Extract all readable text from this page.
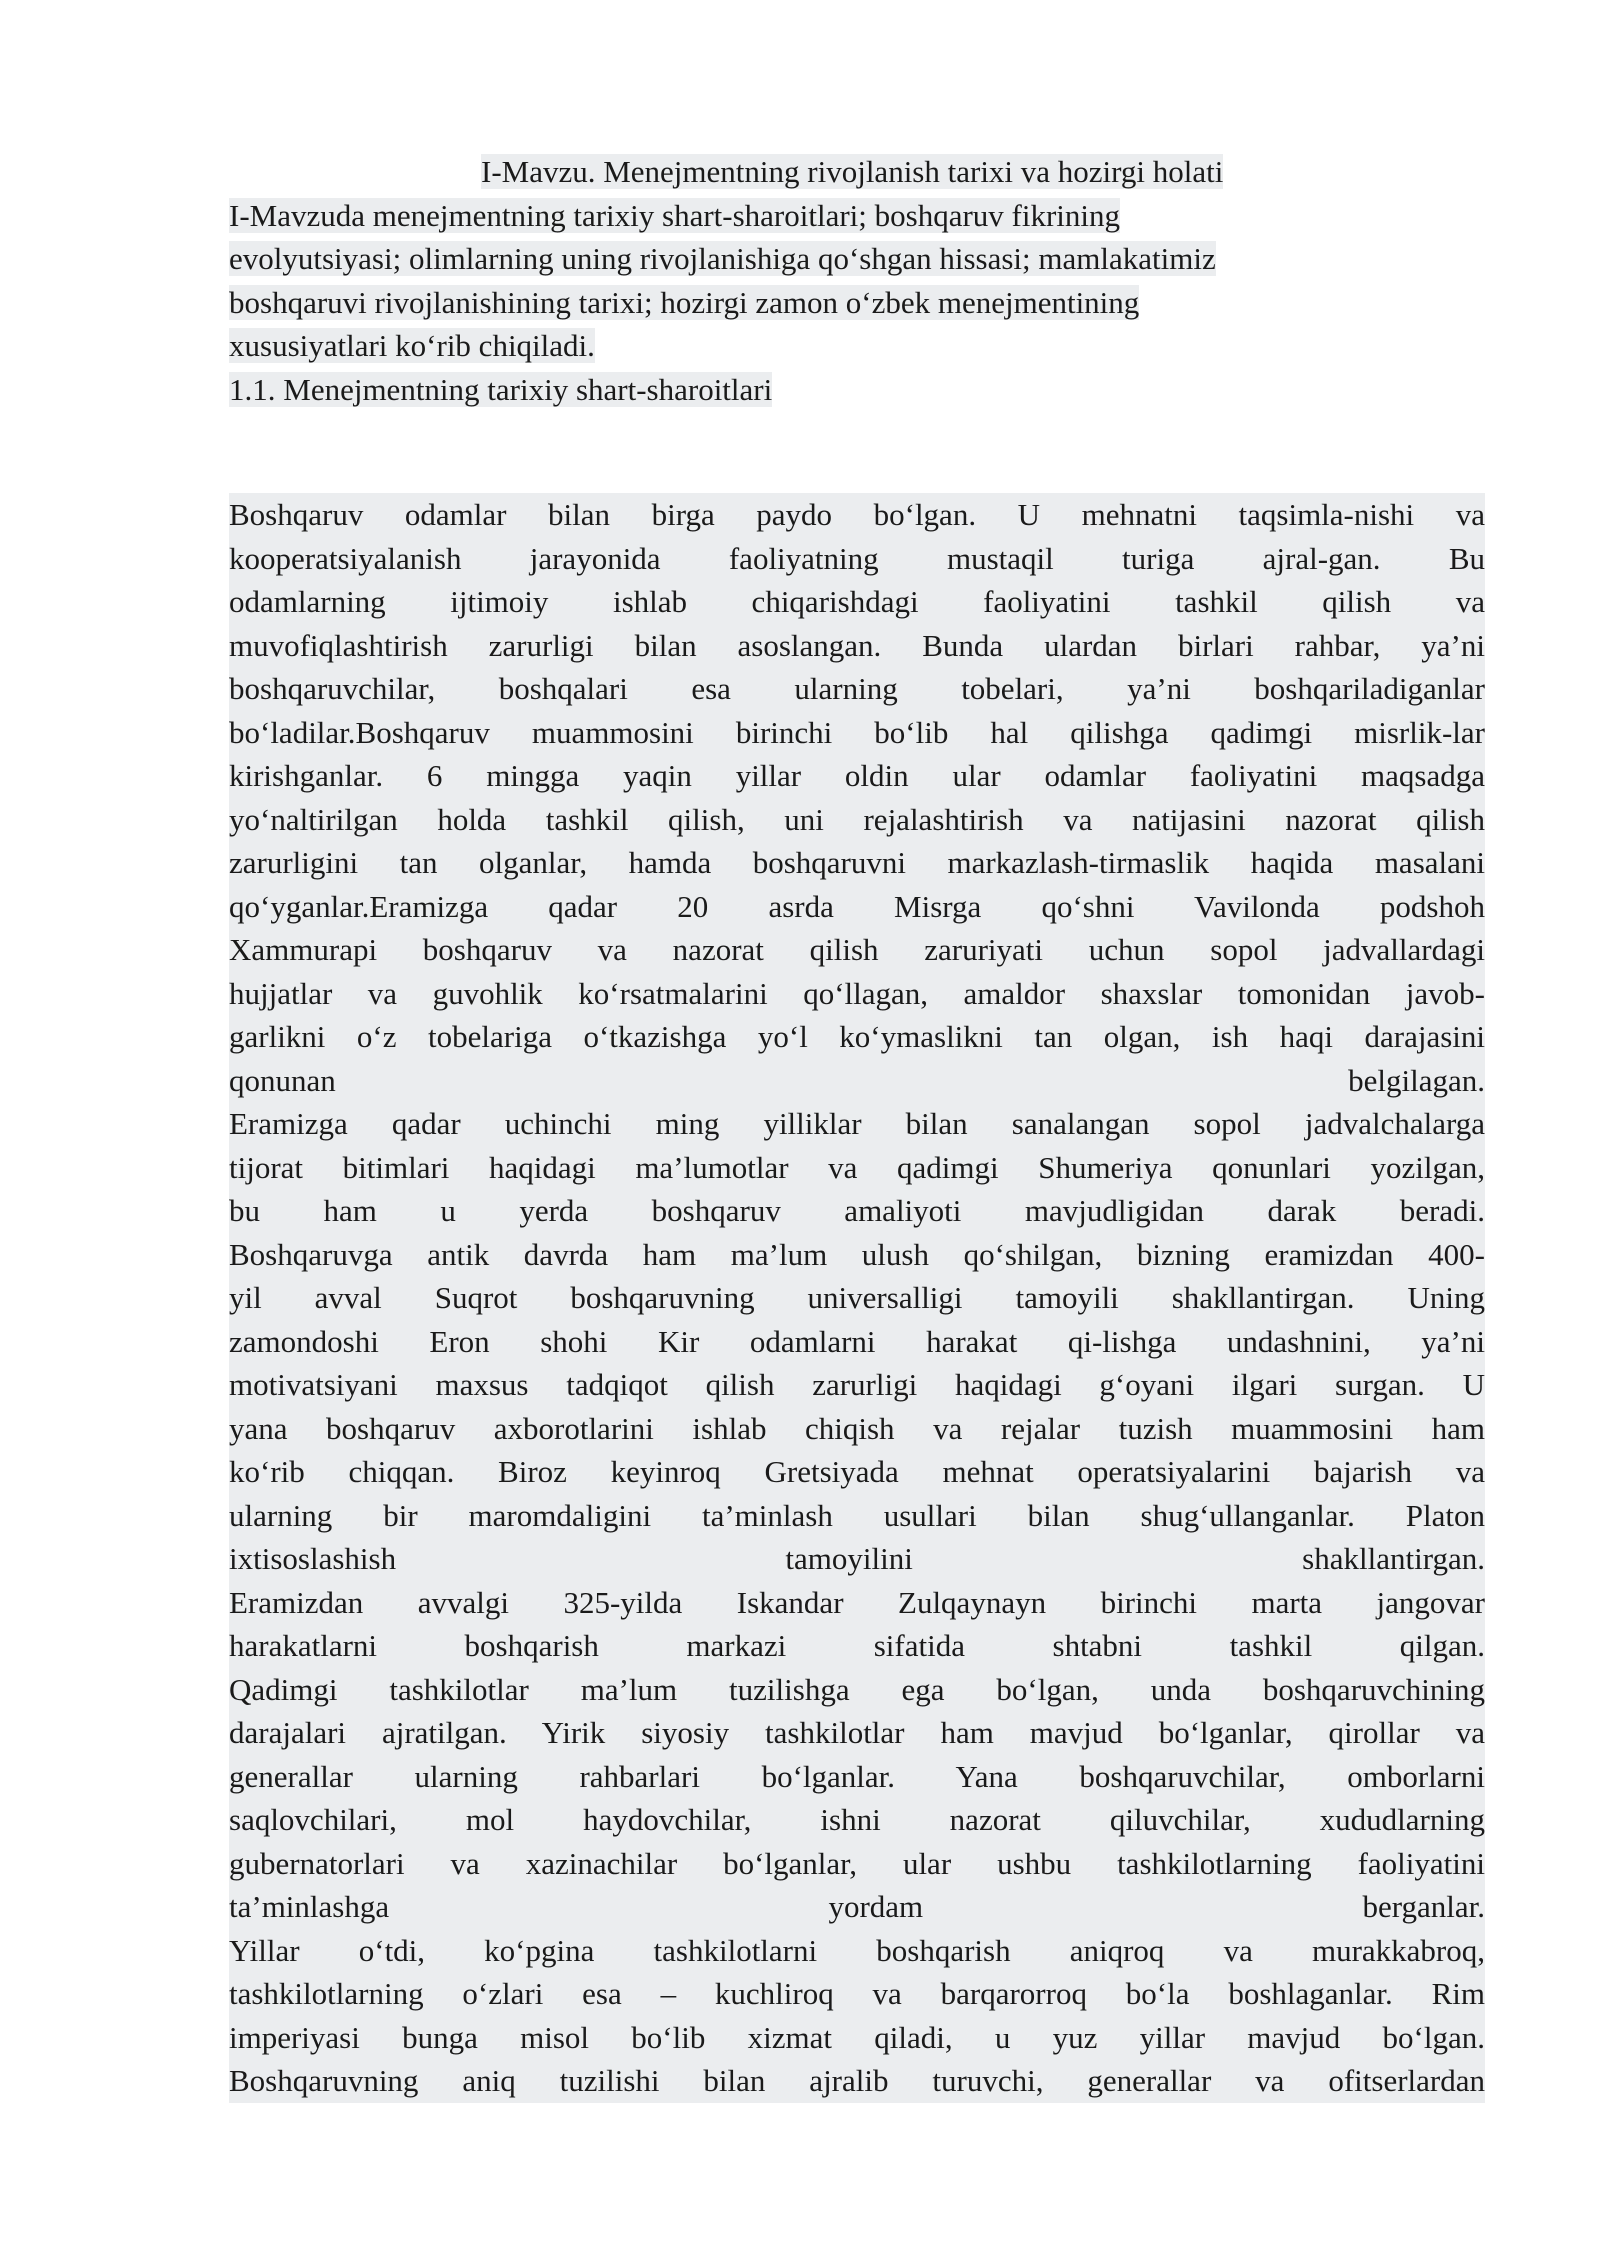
I-Mavzu. Menejmentning rivojlanish tarixi va hozirgi holati
I-Mavzuda menejmentning tarixiy shart-sharoitlari; boshqaruv fikrining
evolyutsiyasi; olimlarning uning rivojlanishiga qo‘shgan hissasi; mamlakatimiz
boshqaruvi rivojlanishining tarixi; hozirgi zamon o‘zbek menejmentining
xususiyatlari ko‘rib chiqiladi.
1.1. Menejmentning tarixiy shart-sharoitlari
Boshqaruv odamlar bilan birga paydo bo‘lgan. U mehnatni taqsimla-nishi va
kooperatsiyalanish jarayonida faoliyatning mustaqil turiga ajral-gan. Bu
odamlarning ijtimoiy ishlab chiqarishdagi faoliyatini tashkil qilish va
muvofiqlashtirish zarurligi bilan asoslangan. Bunda ulardan birlari rahbar, ya’ni
boshqaruvchilar, boshqalari esa ularning tobelari, ya’ni boshqariladiganlar
bo‘ladilar.Boshqaruv muammosini birinchi bo‘lib hal qilishga qadimgi misrlik-lar
kirishganlar. 6 mingga yaqin yillar oldin ular odamlar faoliyatini maqsadga
yo‘naltirilgan holda tashkil qilish, uni rejalashtirish va natijasini nazorat qilish
zarurligini tan olganlar, hamda boshqaruvni markazlash-tirmaslik haqida masalani
qo‘yganlar.Eramizga qadar 20 asrda Misrga qo‘shni Vavilonda podshoh
Xammurapi boshqaruv va nazorat qilish zaruriyati uchun sopol jadvallardagi
hujjatlar va guvohlik ko‘rsatmalarini qo‘llagan, amaldor shaxslar tomonidan javob-
garlikni o‘z tobelariga o‘tkazishga yo‘l ko‘ymaslikni tan olgan, ish haqi darajasini
qonunan belgilagan.
Eramizga qadar uchinchi ming yilliklar bilan sanalangan sopol jadvalchalarga
tijorat bitimlari haqidagi ma’lumotlar va qadimgi Shumeriya qonunlari yozilgan,
bu ham u yerda boshqaruv amaliyoti mavjudligidan darak beradi.
Boshqaruvga antik davrda ham ma’lum ulush qo‘shilgan, bizning eramizdan 400-
yil avval Suqrot boshqaruvning universalligi tamoyili shakllantirgan. Uning
zamondoshi Eron shohi Kir odamlarni harakat qi-lishga undashnini, ya’ni
motivatsiyani maxsus tadqiqot qilish zarurligi haqidagi g‘oyani ilgari surgan. U
yana boshqaruv axborotlarini ishlab chiqish va rejalar tuzish muammosini ham
ko‘rib chiqqan. Biroz keyinroq Gretsiyada mehnat operatsiyalarini bajarish va
ularning bir maromdaligini ta’minlash usullari bilan shug‘ullanganlar. Platon
ixtisoslashish tamoyilini shakllantirgan.
Eramizdan avvalgi 325-yilda Iskandar Zulqaynayn birinchi marta jangovar
harakatlarni boshqarish markazi sifatida shtabni tashkil qilgan.
Qadimgi tashkilotlar ma’lum tuzilishga ega bo‘lgan, unda boshqaruvchining
darajalari ajratilgan. Yirik siyosiy tashkilotlar ham mavjud bo‘lganlar, qirollar va
generallar ularning rahbarlari bo‘lganlar. Yana boshqaruvchilar, omborlarni
saqlovchilari, mol haydovchilar, ishni nazorat qiluvchilar, xududlarning
gubernatorlari va xazinachilar bo‘lganlar, ular ushbu tashkilotlarning faoliyatini
ta’minlashga yordam berganlar.
Yillar o‘tdi, ko‘pgina tashkilotlarni boshqarish aniqroq va murakkabroq,
tashkilotlarning o‘zlari esa – kuchliroq va barqarorroq bo‘la boshlaganlar. Rim
imperiyasi bunga misol bo‘lib xizmat qiladi, u yuz yillar mavjud bo‘lgan.
Boshqaruvning aniq tuzilishi bilan ajralib turuvchi, generallar va ofitserlardan
